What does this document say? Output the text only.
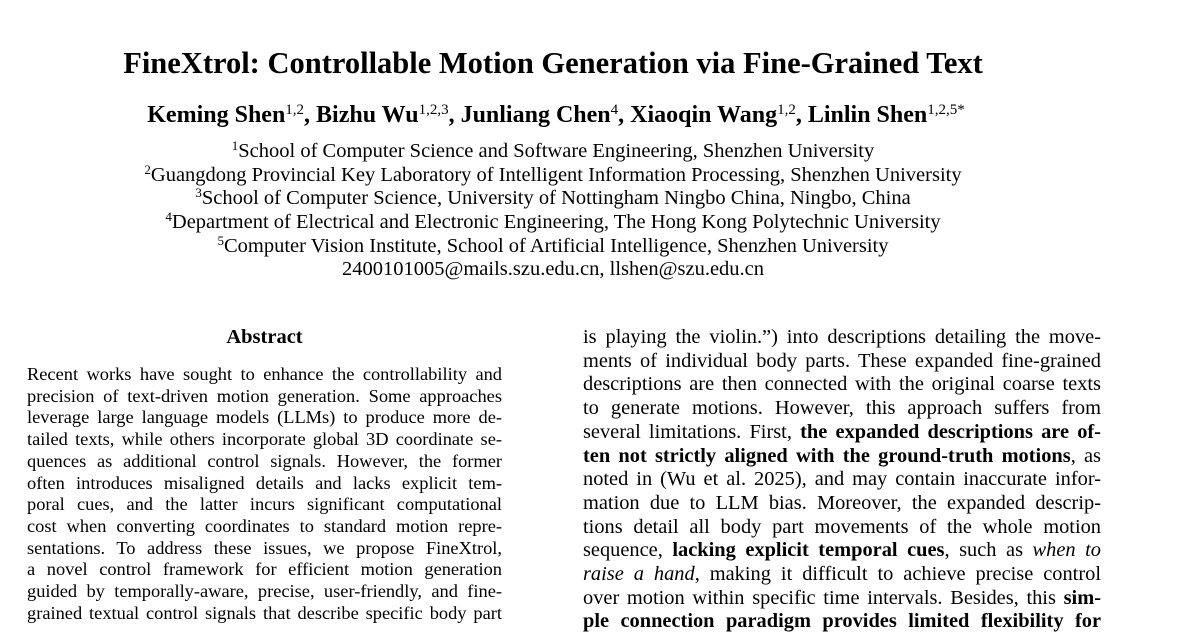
FineXtrol: Controllable Motion Generation via Fine-Grained Text
Keming Shen$^{1,2}$, Bizhu Wu$^{1,2,3}$, Junliang Chen$^4$, Xiaoqin Wang$^{1,2}$, Linlin Shen$^{1,2,5*}$
$^1$School of Computer Science and Software Engineering, Shenzhen University
$^2$Guangdong Provincial Key Laboratory of Intelligent Information Processing, Shenzhen University
$^3$School of Computer Science, University of Nottingham Ningbo China, Ningbo, China
$^4$Department of Electrical and Electronic Engineering, The Hong Kong Polytechnic University
$^5$Computer Vision Institute, School of Artificial Intelligence, Shenzhen University
2400101005@mails.szu.edu.cn, llshen@szu.edu.cn
Abstract
Recent works have sought to enhance the controllability and
precision of text-driven motion generation. Some approaches
leverage large language models (LLMs) to produce more de-
tailed texts, while others incorporate global 3D coordinate se-
quences as additional control signals. However, the former
often introduces misaligned details and lacks explicit tem-
poral cues, and the latter incurs significant computational
cost when converting coordinates to standard motion repre-
sentations. To address these issues, we propose FineXtrol,
a novel control framework for efficient motion generation
guided by temporally-aware, precise, user-friendly, and fine-
grained textual control signals that describe specific body part
is playing the violin.”) into descriptions detailing the move-
ments of individual body parts. These expanded fine-grained
descriptions are then connected with the original coarse texts
to generate motions. However, this approach suffers from
several limitations. First, the expanded descriptions are of-
ten not strictly aligned with the ground-truth motions, as
noted in (Wu et al. 2025), and may contain inaccurate infor-
mation due to LLM bias. Moreover, the expanded descrip-
tions detail all body part movements of the whole motion
sequence, lacking explicit temporal cues, such as when to
raise a hand, making it difficult to achieve precise control
over motion within specific time intervals. Besides, this sim-
ple connection paradigm provides limited flexibility for
